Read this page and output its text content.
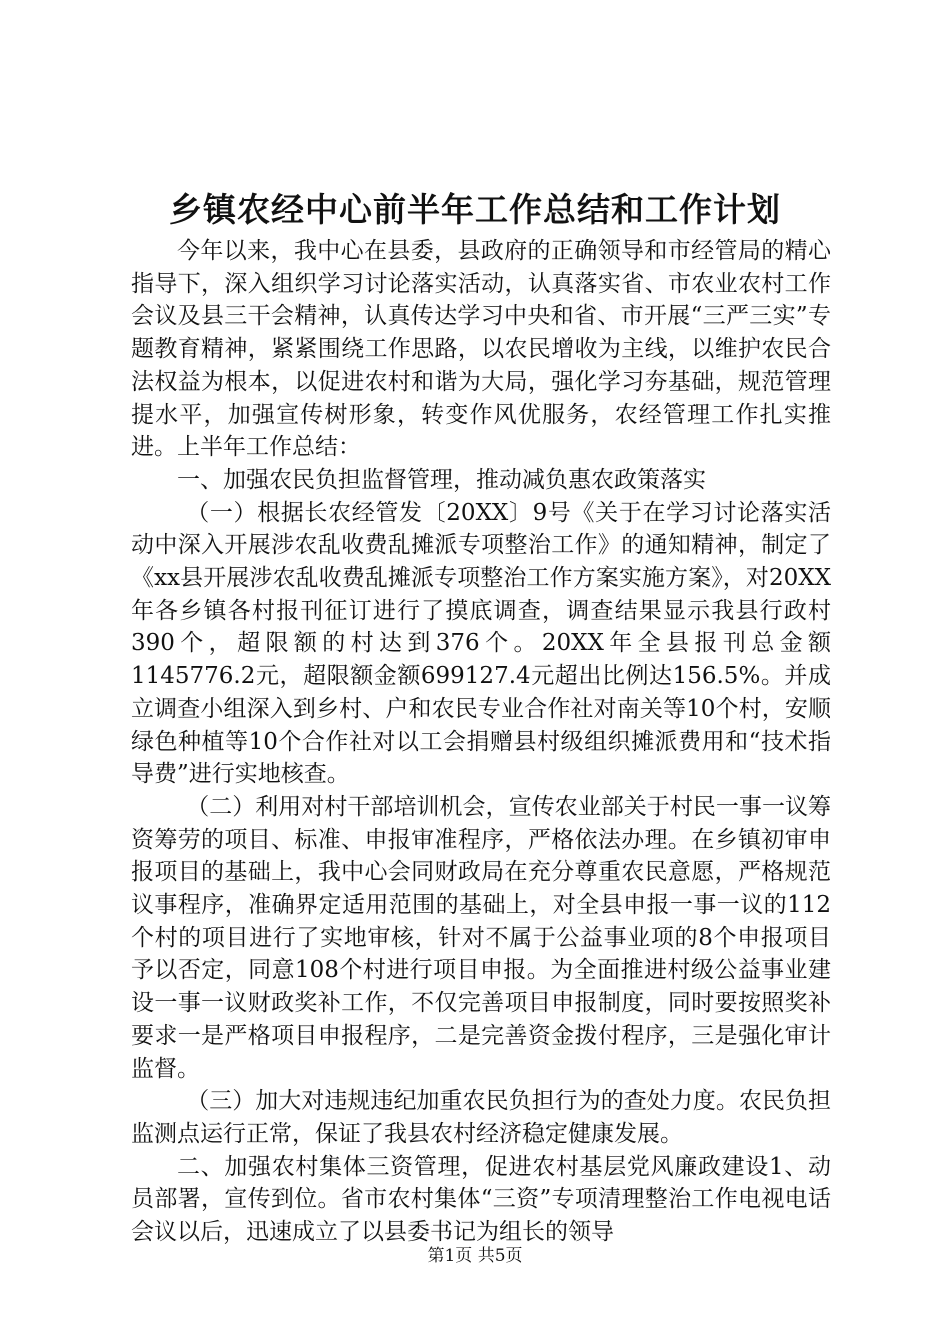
乡镇农经中心前半年工作总结和工作计划

今年以来，我中心在县委，县政府的正确领导和市经管局的精心指导下，深入组织学习讨论落实活动，认真落实省、市农业农村工作会议及县三干会精神，认真传达学习中央和省、市开展“三严三实”专题教育精神，紧紧围绕工作思路，以农民增收为主线，以维护农民合法权益为根本，以促进农村和谐为大局，强化学习夯基础，规范管理提水平，加强宣传树形象，转变作风优服务，农经管理工作扎实推进。上半年工作总结：

一、加强农民负担监督管理，推动减负惠农政策落实

（一）根据长农经管发〔20XX〕9号《关于在学习讨论落实活动中深入开展涉农乱收费乱摊派专项整治工作》的通知精神，制定了《xx县开展涉农乱收费乱摊派专项整治工作方案实施方案》，对20XX年各乡镇各村报刊征订进行了摸底调查，调查结果显示我县行政村390个，超限额的村达到376个。20XX年全县报刊总金额1145776.2元，超限额金额699127.4元超出比例达156.5%。并成立调查小组深入到乡村、户和农民专业合作社对南关等10个村，安顺绿色种植等10个合作社对以工会捐赠县村级组织摊派费用和“技术指导费”进行实地核查。

（二）利用对村干部培训机会，宣传农业部关于村民一事一议筹资筹劳的项目、标准、申报审准程序，严格依法办理。在乡镇初审申报项目的基础上，我中心会同财政局在充分尊重农民意愿，严格规范议事程序，准确界定适用范围的基础上，对全县申报一事一议的112个村的项目进行了实地审核，针对不属于公益事业项的8个申报项目予以否定，同意108个村进行项目申报。为全面推进村级公益事业建设一事一议财政奖补工作，不仅完善项目申报制度，同时要按照奖补要求一是严格项目申报程序，二是完善资金拨付程序，三是强化审计监督。

（三）加大对违规违纪加重农民负担行为的查处力度。农民负担监测点运行正常，保证了我县农村经济稳定健康发展。

二、加强农村集体三资管理，促进农村基层党风廉政建设1、动员部署，宣传到位。省市农村集体“三资”专项清理整治工作电视电话会议以后，迅速成立了以县委书记为组长的领导

第1页 共5页
